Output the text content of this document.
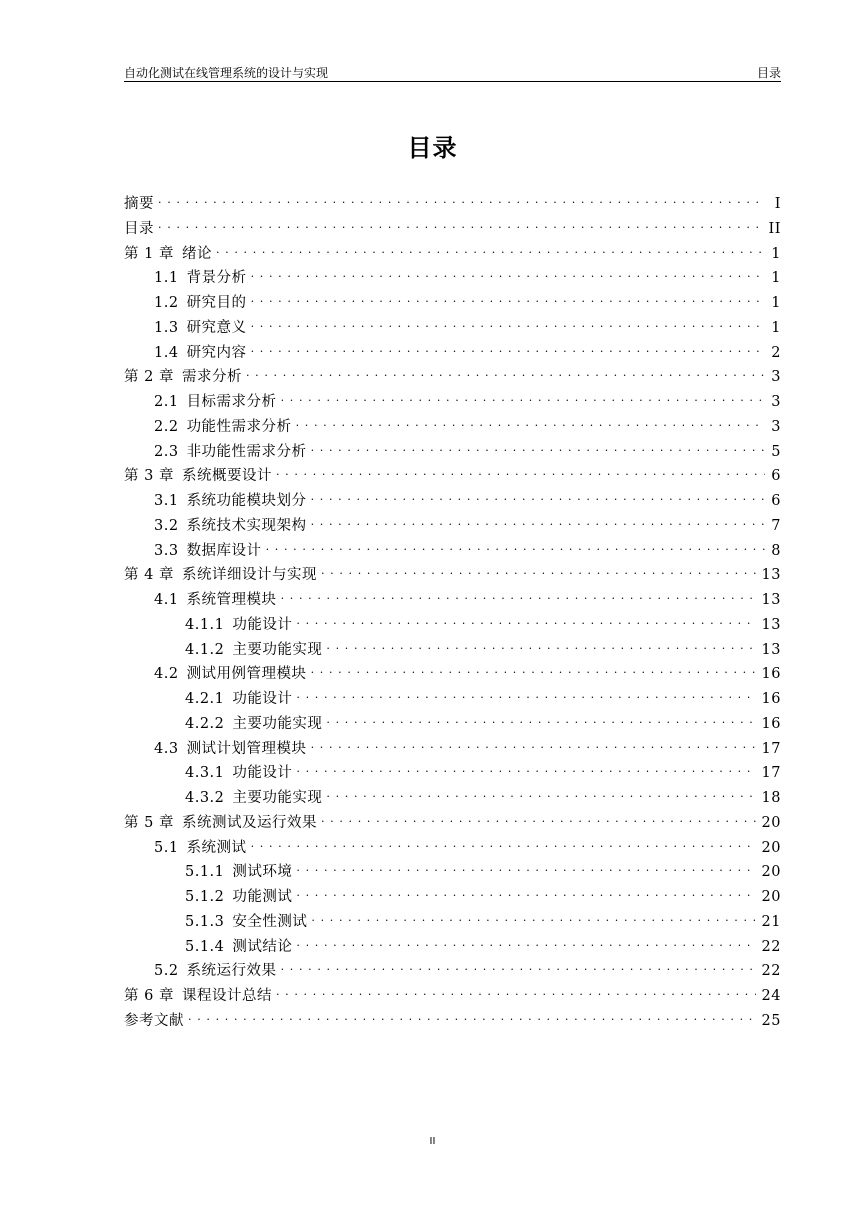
自动化测试在线管理系统的设计与实现	目录
目录
摘要 . . .	I
目录 . . .	II
第 1 章 绪论 . . .	1
1.1 背景分析 . . .	1
1.2 研究目的 . . .	1
1.3 研究意义 . . .	1
1.4 研究内容 . . .	2
第 2 章 需求分析 . . .	3
2.1 目标需求分析 . . .	3
2.2 功能性需求分析 . . .	3
2.3 非功能性需求分析 . . .	5
第 3 章 系统概要设计 . . .	6
3.1 系统功能模块划分 . . .	6
3.2 系统技术实现架构 . . .	7
3.3 数据库设计 . . .	8
第 4 章 系统详细设计与实现 . . .	13
4.1 系统管理模块 . . .	13
4.1.1 功能设计 . . .	13
4.1.2 主要功能实现 . . .	13
4.2 测试用例管理模块 . . .	16
4.2.1 功能设计 . . .	16
4.2.2 主要功能实现 . . .	16
4.3 测试计划管理模块 . . .	17
4.3.1 功能设计 . . .	17
4.3.2 主要功能实现 . . .	18
第 5 章 系统测试及运行效果 . . .	20
5.1 系统测试 . . .	20
5.1.1 测试环境 . . .	20
5.1.2 功能测试 . . .	20
5.1.3 安全性测试 . . .	21
5.1.4 测试结论 . . .	22
5.2 系统运行效果 . . .	22
第 6 章 课程设计总结 . . .	24
参考文献 . . .	25
II
